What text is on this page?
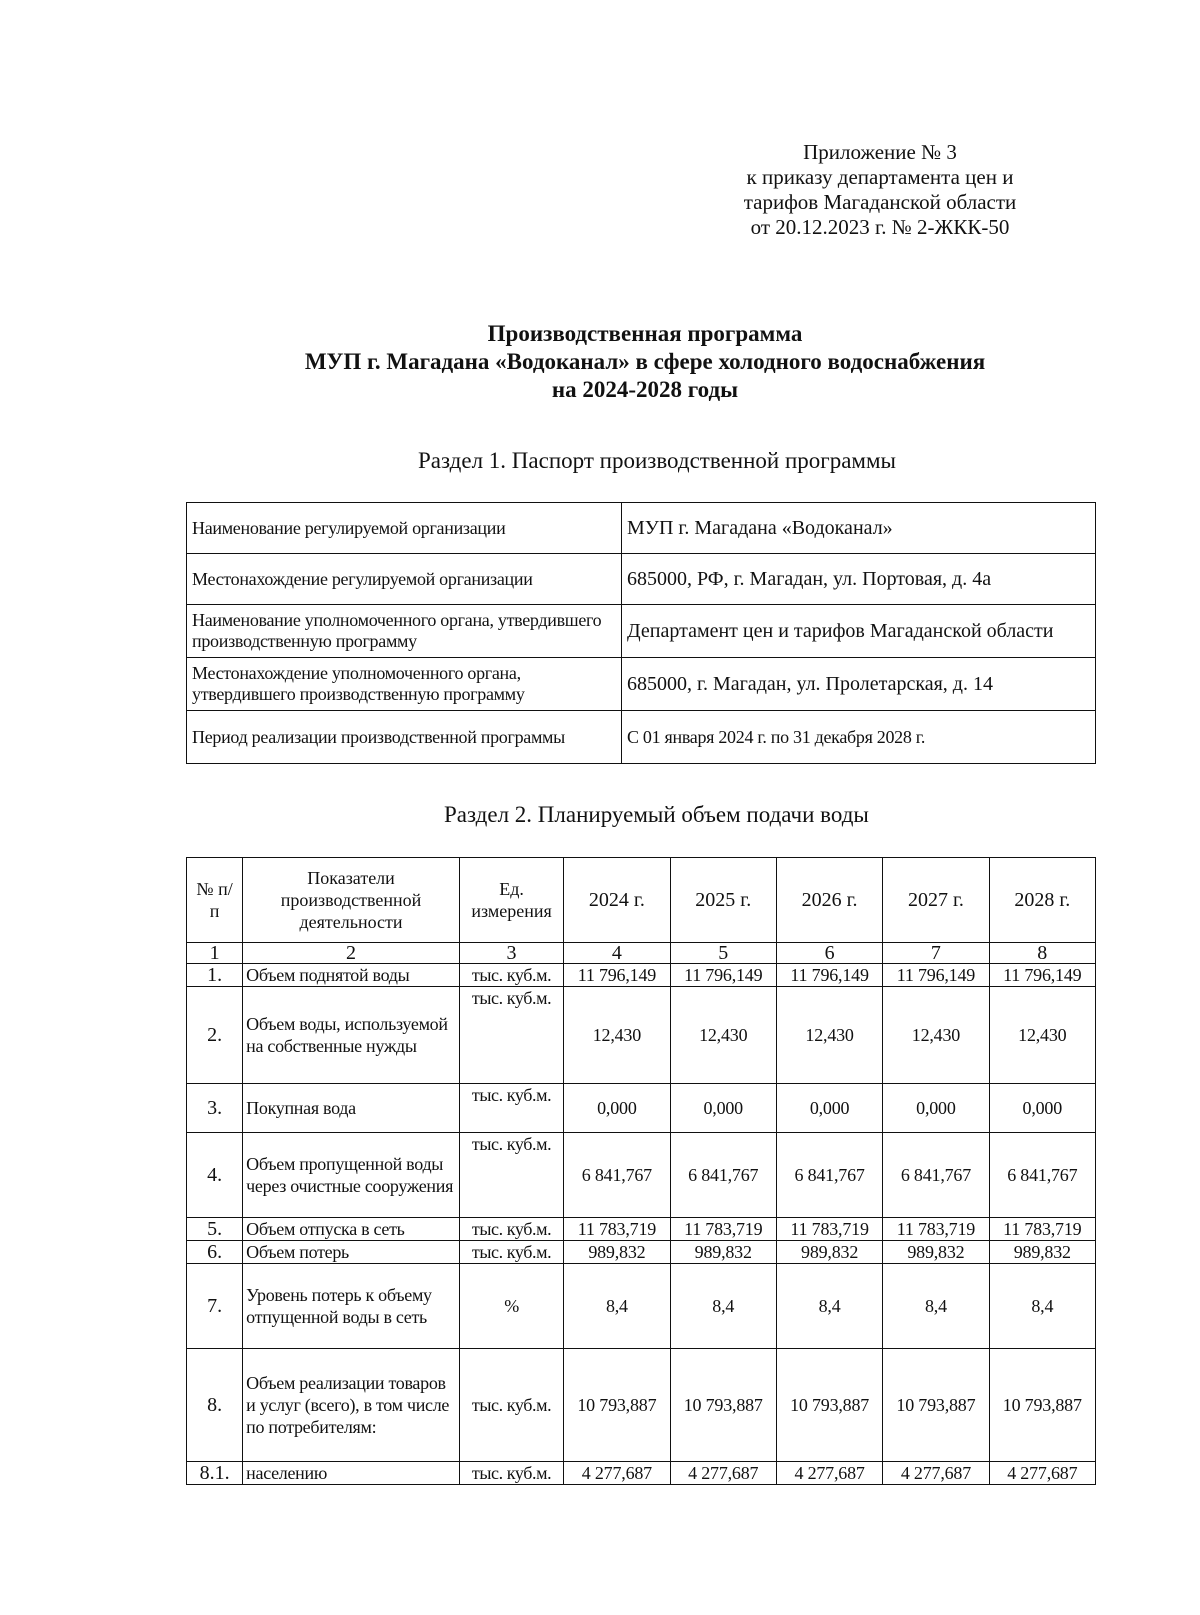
Приложение № 3
к приказу департамента цен и
тарифов Магаданской области
от 20.12.2023 г. № 2-ЖКК-50
Производственная программа
МУП г. Магадана «Водоканал» в сфере холодного водоснабжения
на 2024-2028 годы
Раздел 1. Паспорт производственной программы
Наименование регулируемой организации	МУП г. Магадана «Водоканал»
Местонахождение регулируемой организации	685000, РФ, г. Магадан, ул. Портовая, д. 4а
Наименование уполномоченного органа, утвердившего производственную программу	Департамент цен и тарифов Магаданской области
Местонахождение уполномоченного органа, утвердившего производственную программу	685000, г. Магадан, ул. Пролетарская, д. 14
Период реализации производственной программы	С 01 января 2024 г. по 31 декабря 2028 г.
Раздел 2. Планируемый объем подачи воды
№ п/п	Показатели производственной деятельности	Ед. измерения	2024 г.	2025 г.	2026 г.	2027 г.	2028 г.
1	2	3	4	5	6	7	8
1.	Объем поднятой воды	тыс. куб.м.	11 796,149	11 796,149	11 796,149	11 796,149	11 796,149
2.	Объем воды, используемой на собственные нужды	тыс. куб.м.	12,430	12,430	12,430	12,430	12,430
3.	Покупная вода	тыс. куб.м.	0,000	0,000	0,000	0,000	0,000
4.	Объем пропущенной воды через очистные сооружения	тыс. куб.м.	6 841,767	6 841,767	6 841,767	6 841,767	6 841,767
5.	Объем отпуска в сеть	тыс. куб.м.	11 783,719	11 783,719	11 783,719	11 783,719	11 783,719
6.	Объем потерь	тыс. куб.м.	989,832	989,832	989,832	989,832	989,832
7.	Уровень потерь к объему отпущенной воды в сеть	%	8,4	8,4	8,4	8,4	8,4
8.	Объем реализации товаров и услуг (всего), в том числе по потребителям:	тыс. куб.м.	10 793,887	10 793,887	10 793,887	10 793,887	10 793,887
8.1.	населению	тыс. куб.м.	4 277,687	4 277,687	4 277,687	4 277,687	4 277,687
